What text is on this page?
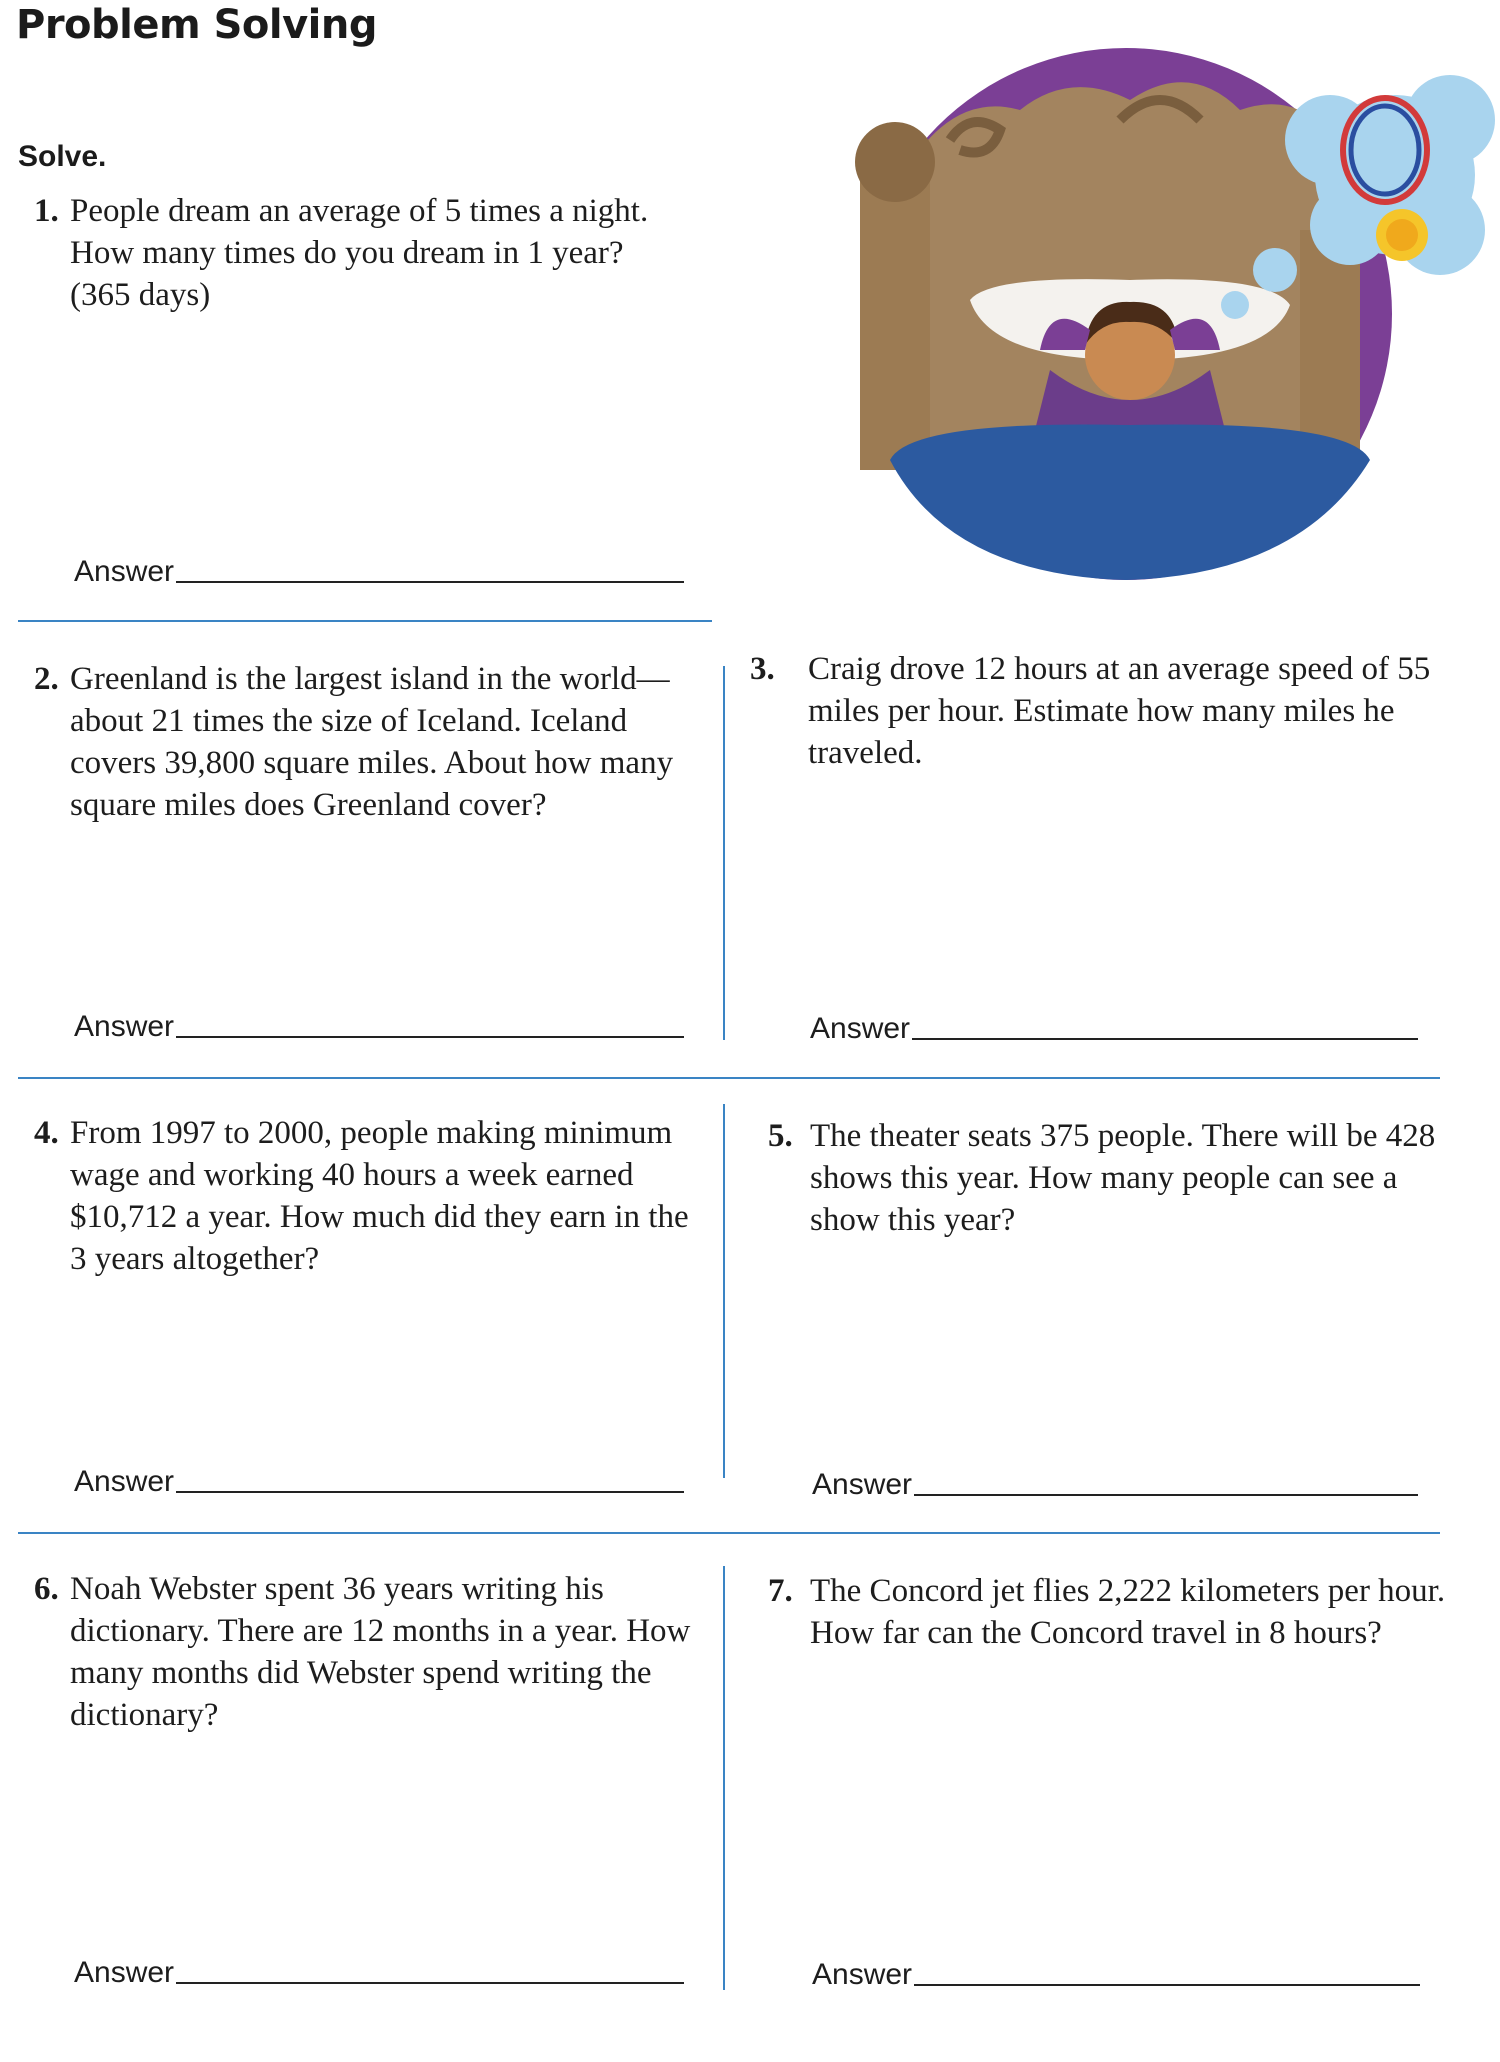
Problem Solving
Solve.
1. People dream an average of 5 times a night. How many times do you dream in 1 year? (365 days)
Answer
2. Greenland is the largest island in the world—about 21 times the size of Iceland. Iceland covers 39,800 square miles. About how many square miles does Greenland cover?
Answer
3. Craig drove 12 hours at an average speed of 55 miles per hour. Estimate how many miles he traveled.
Answer
4. From 1997 to 2000, people making minimum wage and working 40 hours a week earned $10,712 a year. How much did they earn in the 3 years altogether?
Answer
5. The theater seats 375 people. There will be 428 shows this year. How many people can see a show this year?
Answer
6. Noah Webster spent 36 years writing his dictionary. There are 12 months in a year. How many months did Webster spend writing the dictionary?
Answer
7. The Concord jet flies 2,222 kilometers per hour. How far can the Concord travel in 8 hours?
Answer
